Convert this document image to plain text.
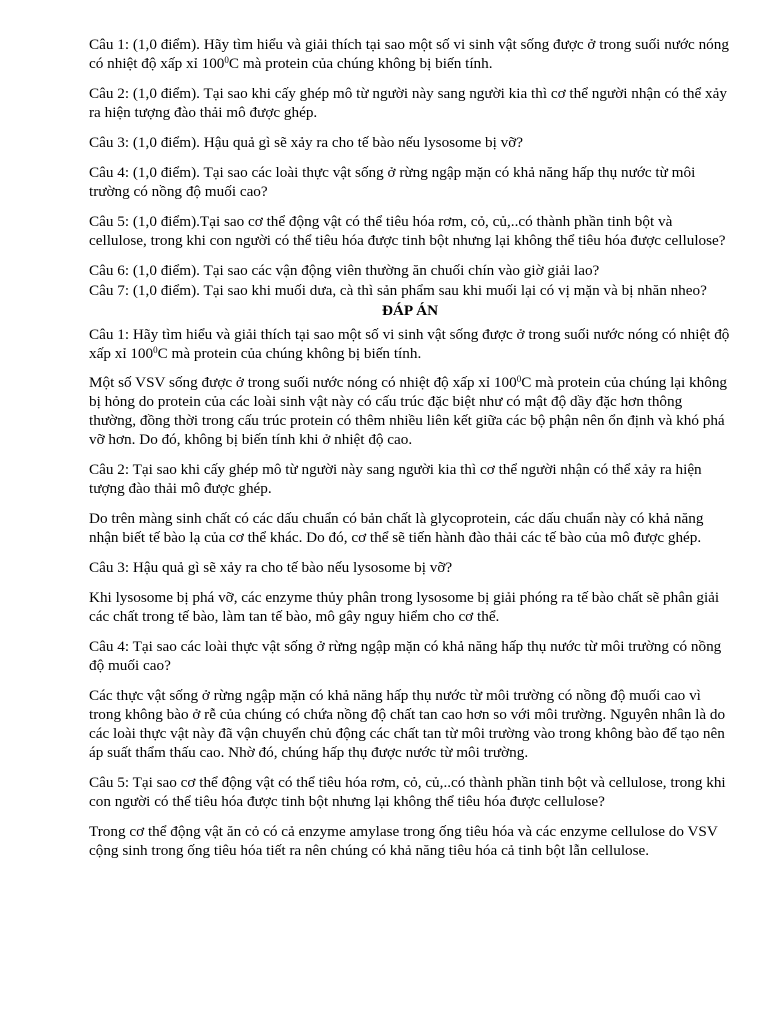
Câu 1: (1,0 điểm). Hãy tìm hiểu và giải thích tại sao một số vi sinh vật sống được ở trong suối nước nóng có nhiệt độ xấp xỉ $100^0C$ mà protein của chúng không bị biến tính.

Câu 2: (1,0 điểm). Tại sao khi cấy ghép mô từ người này sang người kia thì cơ thể người nhận có thể xảy ra hiện tượng đào thải mô được ghép.

Câu 3: (1,0 điểm). Hậu quả gì sẽ xảy ra cho tế bào nếu lysosome bị vỡ?

Câu 4: (1,0 điểm). Tại sao các loài thực vật sống ở rừng ngập mặn có khả năng hấp thụ nước từ môi trường có nồng độ muối cao?

Câu 5: (1,0 điểm).Tại sao cơ thể động vật có thể tiêu hóa rơm, cỏ, củ,..có thành phần tinh bột và cellulose, trong khi con người có thể tiêu hóa được tinh bột nhưng lại không thể tiêu hóa được cellulose?

Câu 6: (1,0 điểm). Tại sao các vận động viên thường ăn chuối chín vào giờ giải lao?

Câu 7: (1,0 điểm). Tại sao khi muối dưa, cà thì sản phẩm sau khi muối lại có vị mặn và bị nhăn nheo?

ĐÁP ÁN

Câu 1: Hãy tìm hiểu và giải thích tại sao một số vi sinh vật sống được ở trong suối nước nóng có nhiệt độ xấp xỉ $100^0C$ mà protein của chúng không bị biến tính.

Một số VSV sống được ở trong suối nước nóng có nhiệt độ xấp xỉ $100^0C$ mà protein của chúng lại không bị hỏng do protein của các loài sinh vật này có cấu trúc đặc biệt như có mật độ dầy đặc hơn thông thường, đồng thời trong cấu trúc protein có thêm nhiều liên kết giữa các bộ phận nên ổn định và khó phá vỡ hơn. Do đó, không bị biến tính khi ở nhiệt độ cao.

Câu 2: Tại sao khi cấy ghép mô từ người này sang người kia thì cơ thể người nhận có thể xảy ra hiện tượng đào thải mô được ghép.

Do trên màng sinh chất có các dấu chuẩn có bản chất là glycoprotein, các dấu chuẩn này có khả năng nhận biết tế bào lạ của cơ thể khác. Do đó, cơ thể sẽ tiến hành đào thải các tế bào của mô được ghép.

Câu 3: Hậu quả gì sẽ xảy ra cho tế bào nếu lysosome bị vỡ?

Khi lysosome bị phá vỡ, các enzyme thủy phân trong lysosome bị giải phóng ra tế bào chất sẽ phân giải các chất trong tế bào, làm tan tế bào, mô gây nguy hiểm cho cơ thể.

Câu 4: Tại sao các loài thực vật sống ở rừng ngập mặn có khả năng hấp thụ nước từ môi trường có nồng độ muối cao?

Các thực vật sống ở rừng ngập mặn có khả năng hấp thụ nước từ môi trường có nồng độ muối cao vì trong không bào ở rễ của chúng có chứa nồng độ chất tan cao hơn so với môi trường. Nguyên nhân là do các loài thực vật này đã vận chuyển chủ động các chất tan từ môi trường vào trong không bào để tạo nên áp suất thẩm thấu cao. Nhờ đó, chúng hấp thụ được nước từ môi trường.

Câu 5: Tại sao cơ thể động vật có thể tiêu hóa rơm, cỏ, củ,..có thành phần tinh bột và cellulose, trong khi con người có thể tiêu hóa được tinh bột nhưng lại không thể tiêu hóa được cellulose?

Trong cơ thể động vật ăn cỏ có cả enzyme amylase trong ống tiêu hóa và các enzyme cellulose do VSV cộng sinh trong ống tiêu hóa tiết ra nên chúng có khả năng tiêu hóa cả tinh bột lẫn cellulose.
